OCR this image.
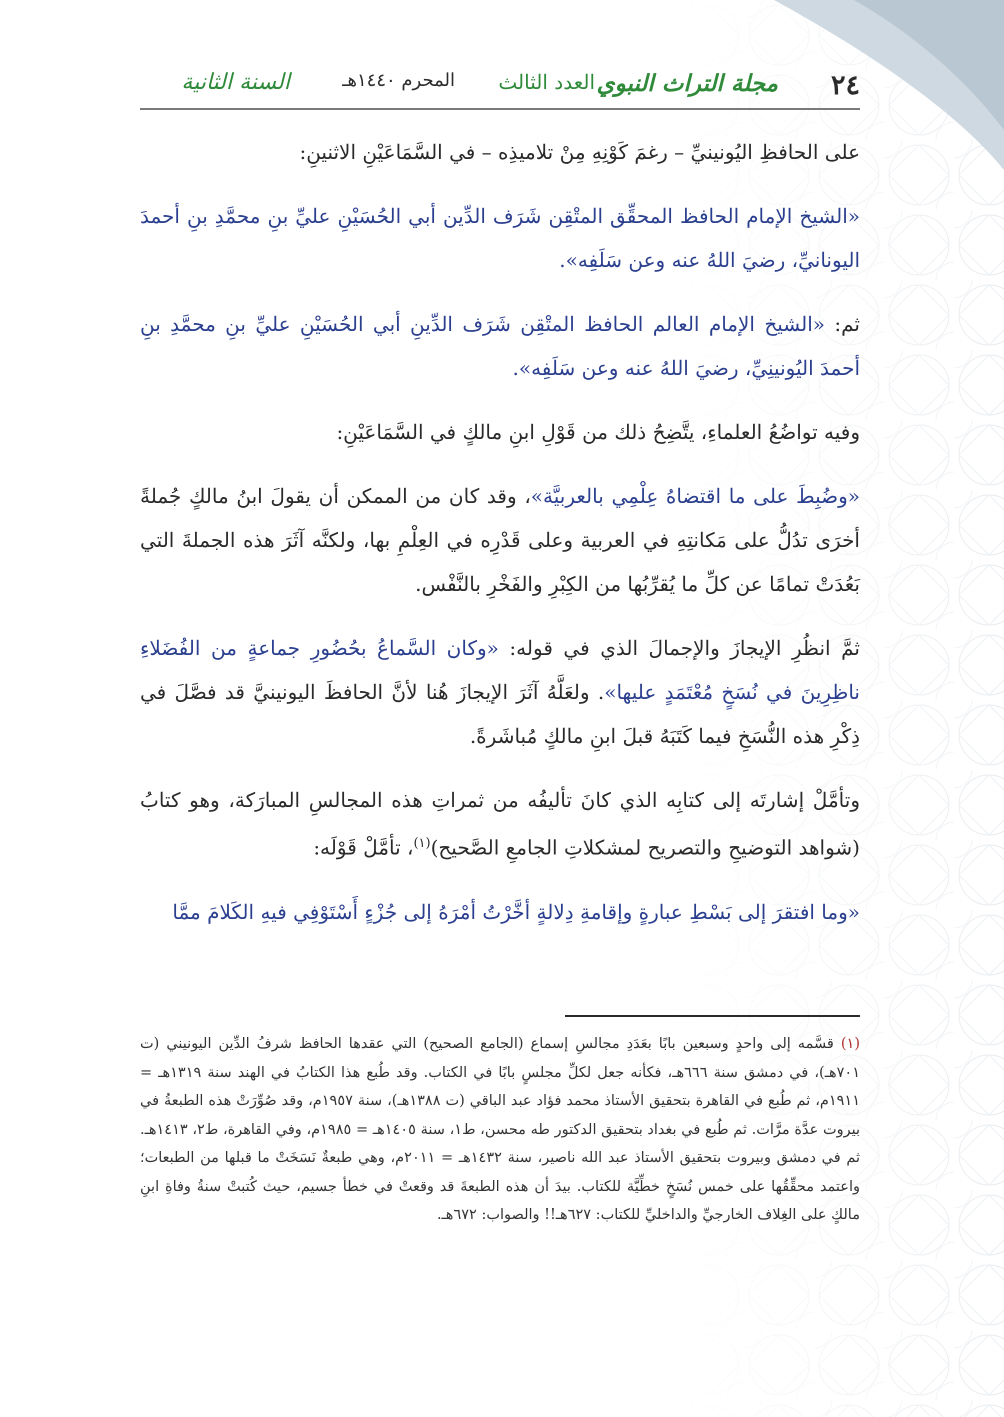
٢٤
مجلة التراث النبوي
العدد الثالث
المحرم ١٤٤٠هـ
السنة الثانية

على الحافظِ اليُونينيِّ – رغمَ كَوْنِهِ مِنْ تلاميذِه – في السَّمَاعَيْنِ الاثنينِ:

«الشيخ الإمام الحافظ المحقِّق المتْقِن شَرَف الدِّين أبي الحُسَيْنِ عليِّ بنِ محمَّدِ بنِ أحمدَ اليونانيِّ، رضيَ اللهُ عنه وعن سَلَفِه».

ثم: «الشيخ الإمام العالم الحافظ المتْقِن شَرَف الدِّينِ أبي الحُسَيْنِ عليِّ بنِ محمَّدِ بنِ أحمدَ اليُونينِيِّ، رضيَ اللهُ عنه وعن سَلَفِه».

وفيه تواضُعُ العلماءِ، يتَّضِحُ ذلك من قَوْلِ ابنِ مالكٍ في السَّمَاعَيْنِ:

«وضُبِطَ على ما اقتضاهُ عِلْمِي بالعربيَّة»، وقد كان من الممكن أن يقولَ ابنُ مالكٍ جُملةً أخرَى تدُلُّ على مَكانتِهِ في العربية وعلى قَدْرِه في العِلْمِ بها، ولكنَّه آثَرَ هذه الجملةَ التي بَعُدَتْ تمامًا عن كلِّ ما يُقرِّبُها من الكِبْرِ والفَخْرِ بالنَّفْس.

ثمَّ انظُرِ الإيجازَ والإجمالَ الذي في قوله: «وكان السَّماعُ بحُضُورِ جماعةٍ من الفُضَلاءِ ناظِرِينَ في نُسَخٍ مُعْتَمَدٍ عليها». ولعَلَّهُ آثَرَ الإيجازَ هُنا لأنَّ الحافظَ اليونينيَّ قد فصَّلَ في ذِكْرِ هذه النُّسَخِ فيما كَتَبَهُ قبلَ ابنِ مالكٍ مُباشَرةً.

وتأمَّلْ إشارتَه إلى كتابِه الذي كانَ تأليفُه من ثمراتِ هذه المجالسِ المبارَكة، وهو كتابُ (شواهد التوضيحِ والتصريح لمشكلاتِ الجامعِ الصَّحيح)$^{(١)}$، تأمَّلْ قَوْلَه:

«وما افتقرَ إلى بَسْطِ عبارةٍ وإقامةِ دِلالةٍ أخَّرْتُ أمْرَهُ إلى جُزْءٍ أَسْتَوْفِي فيهِ الكَلامَ ممَّا

(١) قسَّمه إلى واحدٍ وسبعين بابًا بعَدَدِ مجالسِ إسماع (الجامع الصحيح) التي عقدها الحافظ شرفُ الدِّين اليونيني (ت ٧٠١هـ)، في دمشق سنة ٦٦٦هـ، فكأنه جعل لكلِّ مجلسٍ بابًا في الكتاب. وقد طُبع هذا الكتابُ في الهند سنة ١٣١٩هـ = ١٩١١م، ثم طُبع في القاهرة بتحقيق الأستاذ محمد فؤاد عبد الباقي (ت ١٣٨٨هـ)، سنة ١٩٥٧م، وقد صُوِّرَتْ هذه الطبعةُ في بيروت عدَّة مرَّات. ثم طُبع في بغداد بتحقيق الدكتور طه محسن، ط١، سنة ١٤٠٥هـ = ١٩٨٥م، وفي القاهرة، ط٢، ١٤١٣هـ. ثم في دمشق وبيروت بتحقيق الأستاذ عبد الله ناصير، سنة ١٤٣٢هـ = ٢٠١١م، وهي طبعةٌ نَسَخَتْ ما قبلها من الطبعات؛ واعتمد محقِّقُها على خمس نُسَخٍ خطِّيَّة للكتاب. بيدَ أن هذه الطبعةَ قد وقعتْ في خطأ جسيم، حيث كُتبتْ سنةُ وفاةِ ابنِ مالكٍ على الغِلاف الخارجيِّ والداخليِّ للكتاب: ٦٢٧هـ!! والصواب: ٦٧٢هـ.
